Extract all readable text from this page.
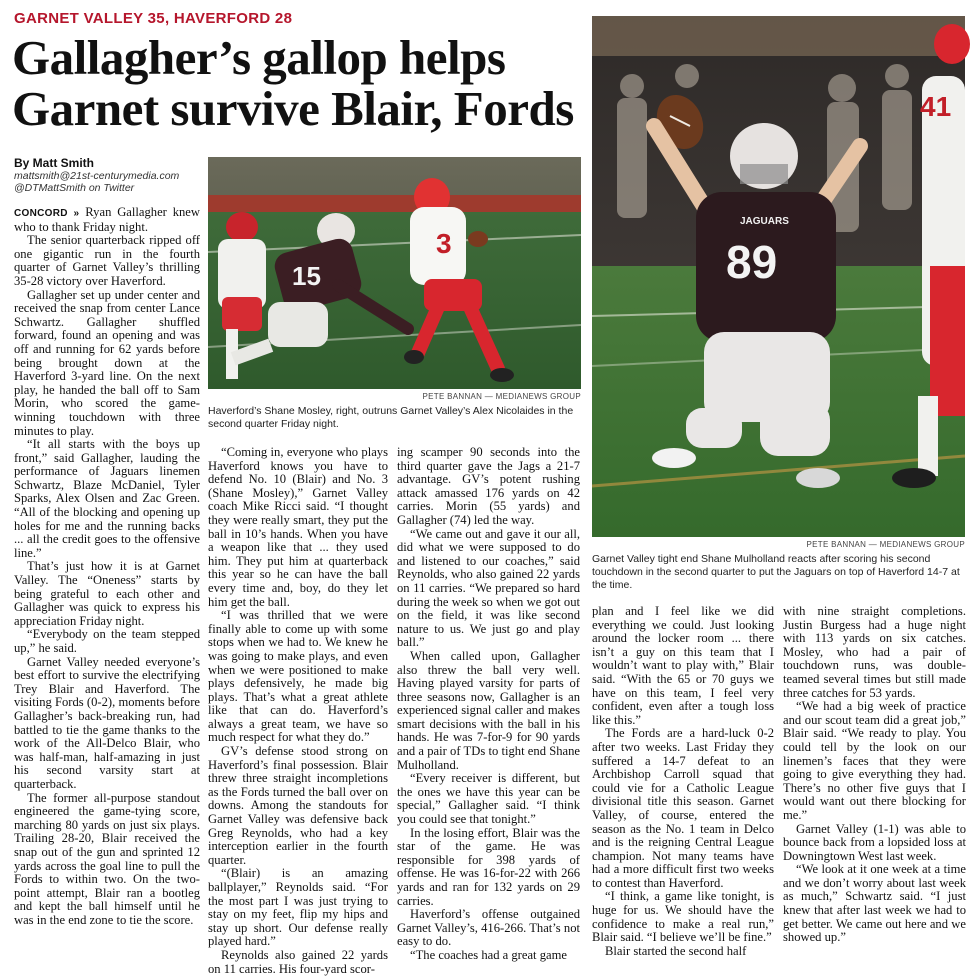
GARNET VALLEY 35, HAVERFORD 28
Gallagher’s gallop helps
Garnet survive Blair, Fords
By Matt Smith
mattsmith@21st-centurymedia.com
@DTMattSmith on Twitter

CONCORD » Ryan Gallagher knew who to thank Friday night.

The senior quarterback ripped off one gigantic run in the fourth quarter of Garnet Valley’s thrilling 35-28 victory over Haverford.

Gallagher set up under center and received the snap from center Lance Schwartz. Gallagher shuffled forward, found an opening and was off and running for 62 yards before being brought down at the Haverford 3-yard line. On the next play, he handed the ball off to Sam Morin, who scored the game-winning touchdown with three minutes to play.

“It all starts with the boys up front,” said Gallagher, lauding the performance of Jaguars linemen Schwartz, Blaze McDaniel, Tyler Sparks, Alex Olsen and Zac Green. “All of the blocking and opening up holes for me and the running backs ... all the credit goes to the offensive line.”

That’s just how it is at Garnet Valley. The “Oneness” starts by being grateful to each other and Gallagher was quick to express his appreciation Friday night.

“Everybody on the team stepped up,” he said.

Garnet Valley needed everyone’s best effort to survive the electrifying Trey Blair and Haverford. The visiting Fords (0-2), moments before Gallagher’s back-breaking run, had battled to tie the game thanks to the work of the All-Delco Blair, who was half-man, half-amazing in just his second varsity start at quarterback.

The former all-purpose standout engineered the game-tying score, marching 80 yards on just six plays. Trailing 28-20, Blair received the snap out of the gun and sprinted 12 yards across the goal line to pull the Fords to within two. On the two-point attempt, Blair ran a bootleg and kept the ball himself until he was in the end zone to tie the score.

15
3
PETE BANNAN — MEDIANEWS GROUP
Haverford’s Shane Mosley, right, outruns Garnet Valley’s Alex Nicolaides in the second quarter Friday night.

“Coming in, everyone who plays Haverford knows you have to defend No. 10 (Blair) and No. 3 (Shane Mosley),” Garnet Valley coach Mike Ricci said. “I thought they were really smart, they put the ball in 10’s hands. When you have a weapon like that ... they used him. They put him at quarterback this year so he can have the ball every time and, boy, do they let him get the ball.

“I was thrilled that we were finally able to come up with some stops when we had to. We knew he was going to make plays, and even when we were positioned to make plays defensively, he made big plays. That’s what a great athlete like that can do. Haverford’s always a great team, we have so much respect for what they do.”

GV’s defense stood strong on Haverford’s final possession. Blair threw three straight incompletions as the Fords turned the ball over on downs. Among the standouts for Garnet Valley was defensive back Greg Reynolds, who had a key interception earlier in the fourth quarter.

“(Blair) is an amazing ballplayer,” Reynolds said. “For the most part I was just trying to stay on my feet, flip my hips and stay up short. Our defense really played hard.”

Reynolds also gained 22 yards on 11 carries. His four-yard scor-

ing scamper 90 seconds into the third quarter gave the Jags a 21-7 advantage. GV’s potent rushing attack amassed 176 yards on 42 carries. Morin (55 yards) and Gallagher (74) led the way.

“We came out and gave it our all, did what we were supposed to do and listened to our coaches,” said Reynolds, who also gained 22 yards on 11 carries. “We prepared so hard during the week so when we got out on the field, it was like second nature to us. We just go and play ball.”

When called upon, Gallagher also threw the ball very well. Having played varsity for parts of three seasons now, Gallagher is an experienced signal caller and makes smart decisions with the ball in his hands. He was 7-for-9 for 90 yards and a pair of TDs to tight end Shane Mulholland.

“Every receiver is different, but the ones we have this year can be special,” Gallagher said. “I think you could see that tonight.”

In the losing effort, Blair was the star of the game. He was responsible for 398 yards of offense. He was 16-for-22 with 266 yards and ran for 132 yards on 29 carries.

Haverford’s offense outgained Garnet Valley’s, 416-266. That’s not easy to do.

“The coaches had a great game

JAGUARS
89
41
PETE BANNAN — MEDIANEWS GROUP
Garnet Valley tight end Shane Mulholland reacts after scoring his second touchdown in the second quarter to put the Jaguars on top of Haverford 14-7 at the time.

plan and I feel like we did everything we could. Just looking around the locker room ... there isn’t a guy on this team that I wouldn’t want to play with,” Blair said. “With the 65 or 70 guys we have on this team, I feel very confident, even after a tough loss like this.”

The Fords are a hard-luck 0-2 after two weeks. Last Friday they suffered a 14-7 defeat to an Archbishop Carroll squad that could vie for a Catholic League divisional title this season. Garnet Valley, of course, entered the season as the No. 1 team in Delco and is the reigning Central League champion. Not many teams have had a more difficult first two weeks to contest than Haverford.

“I think, a game like tonight, is huge for us. We should have the confidence to make a real run,” Blair said. “I believe we’ll be fine.”

Blair started the second half

with nine straight completions. Justin Burgess had a huge night with 113 yards on six catches. Mosley, who had a pair of touchdown runs, was double-teamed several times but still made three catches for 53 yards.

“We had a big week of practice and our scout team did a great job,” Blair said. “We ready to play. You could tell by the look on our linemen’s faces that they were going to give everything they had. There’s no other five guys that I would want out there blocking for me.”

Garnet Valley (1-1) was able to bounce back from a lopsided loss at Downingtown West last week.

“We look at it one week at a time and we don’t worry about last week as much,” Schwartz said. “I just knew that after last week we had to get better. We came out here and we showed up.”
